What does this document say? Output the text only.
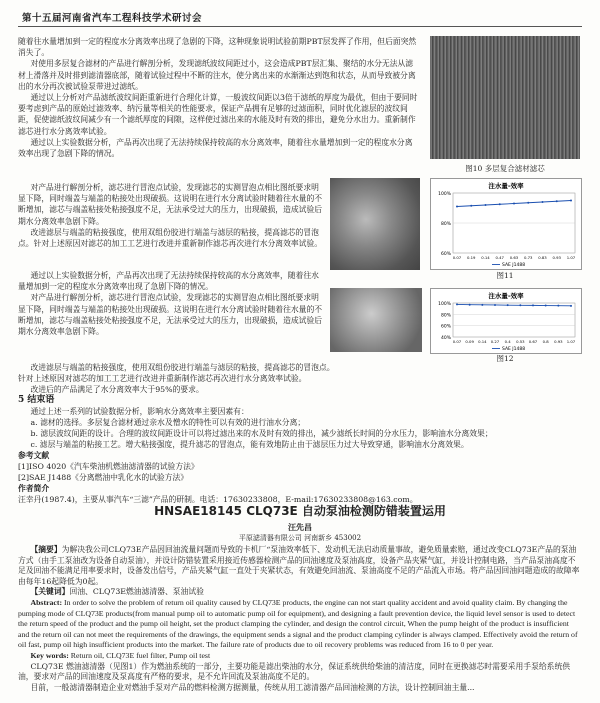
第十五届河南省汽车工程科技学术研讨会

随着往水量增加到一定的程度水分离效率出现了急剧的下降，这种现象说明试验前期PBT层发挥了作用，但后面突然消失了。

对使用多层复合滤材的产品进行解剖分析，发现滤纸波纹间距过小，这会造成PBT层汇集、聚结的水分无法从滤材上滑落并及时排到滤清器底部，随着试验过程中不断的注水，使分离出来的水渐渐达到饱和状态，从而导致被分离出的水分再次被试验泵带进过滤纸。

通过以上分析对产品滤纸波纹间距重新进行合理化计算，一般波纹间距以3倍于滤纸的厚度为最优，但由于要同时要考虑到产品的原始过滤效率、纳污量等相关的性能要求，保证产品拥有足够的过滤面积，同时优化滤层的波纹间距，促使滤纸波纹间减少有一个滤纸厚度的间隙，这样使过滤出来的水能及时有效的排出，避免分水出力。重新制作滤芯进行水分离效率试验。

通过以上实验数据分析，产品再次出现了无法持续保持较高的水分离效率，随着往水量增加到一定的程度水分离效率出现了急剧下降的情况。

对产品进行解剖分析，滤芯进行冒泡点试验，发现滤芯的实测冒泡点相比图纸要求明显下降，同时端盖与端盖的粘接处出现破损。这说明在进行水分离试验时随着往水量的不断增加，滤芯与端盖粘接处粘接强度不足，无法承受过大的压力，出现破损，造成试验后期水分离效率急剧下降。

改进滤层与端盖的粘接强度，使用双组份胶进行端盖与滤层的粘接，提高滤芯的冒泡点。针对上述原因对滤芯的加工工艺进行改进并重新制作滤芯再次进行水分离效率试验。

通过以上实验数据分析，产品再次出现了无法持续保持较高的水分离效率，随着往水量增加到一定的程度水分离效率出现了急剧下降的情况。

对产品进行解剖分析，滤芯进行冒泡点试验，发现滤芯的实测冒泡点相比图纸要求明显下降，同时端盖与端盖的粘接处出现破损。这说明在进行水分离试验时随着往水量的不断增加，滤芯与端盖粘接处粘接强度不足，无法承受过大的压力，出现破损，造成试验后期水分离效率急剧下降。

图10 多层复合滤材滤芯
注水量-效率
100%
80%
60%
0.07 0.19 0.14 0.47 0.63 0.73 0.83 0.93 1.07
SAE J1488
图11
注水量-效率
100%
80%
60%
40%
0.07 0.09 0.14 0.27 0.4 0.53 0.67 0.8 0.93 1.07
SAE J1488
图12

改进滤层与端盖的粘接强度，使用双组份胶进行端盖与滤层的粘接，提高滤芯的冒泡点。

针对上述原因对滤芯的加工工艺进行改进并重新制作滤芯再次进行水分离效率试验。

改进后的产品满足了水分离效率大于95%的要求。

5 结束语

通过上述一系列的试验数据分析，影响水分离效率主要因素有：

a. 滤材的选择。多层复合滤材通过亲水及憎水的特性可以有效的进行油水分离；

b. 滤层波纹间距的设计。合理的波纹间距设计可以将过滤出来的水及时有效的排出，减少滤纸长时间的分水压力，影响油水分离效果；

c. 滤层与端盖的粘接工艺。增大粘接强度，提升滤芯的冒泡点，能有效地防止由于滤层压力过大导致穿通，影响油水分离效果。

参考文献
[1]ISO 4020《汽车柴油机燃油滤清器的试验方法》
[2]SAE J1488《分离燃油中乳化水的试验方法》
作者简介
汪幸丹(1987.4)，主要从事汽车“三滤”产品的研制。电话：17630233808，E-mail:17630233808@163.com。
HNSAE18145 CLQ73E 自动泵油检测防错装置运用
汪先昌
平原滤清器有限公司 河南新乡 453002

【摘要】为解决我公司CLQ73E产品因回油流量问题而导致的卡机厂“泵油效率低下、发动机无法启动质量事故，避免质量索赔，通过改变CLQ73E产品的泵油方式（由手工泵油改为设备自动泵油），并设计防错装置采用接近传感器检测产品的回油速度及泵油高度，设备产品夹紧气缸，并设计控制电路，当产品泵油高度不足及回油不能满足用率要求时，设备发出信号，产品夹紧气缸一直处于夹紧状态，有效避免回油流、泵油高度不足的产品流入市场。将产品因回油问题造成的故障率由每年16起降低为0起。

【关键词】回油、CLQ73E燃油滤清器、泵油试验

Abstract: In order to solve the problem of return oil quality caused by CLQ73E products, the engine can not start quality accident and avoid quality claim. By changing the pumping mode of CLQ73E products(from manual pump oil to automatic pump oil for equipment), and designing a fault prevention device, the liquid level sensor is used to detect the return speed of the product and the pump oil height, set the product clamping the cylinder, and design the control circuit, When the pump height of the product is insufficient and the return oil can not meet the requirements of the drawings, the equipment sends a signal and the product clamping cylinder is always clamped. Effectively avoid the return of oil fast, pump oil high insufficient products into the market. The failure rate of products due to oil recovery problems was reduced from 16 to 0 per year.

Key words: Return oil, CLQ73E fuel filter, Pump oil test

CLQ73E 燃油滤清器（见图1）作为燃油系统的一部分，主要功能是滤出柴油的水分，保证系统供给柴油的清洁度，同时在更换滤芯时需要采用手泵给系统供油，要求对产品的回油速度及泵高度有严格的要求，是不允许回流及泵油高度不足的。

目前，一般滤清器制造企业对燃油手泵对产品的燃料检测方据测量，传统从用工滤清器产品回油检测的方法，设计控制回油主量...
